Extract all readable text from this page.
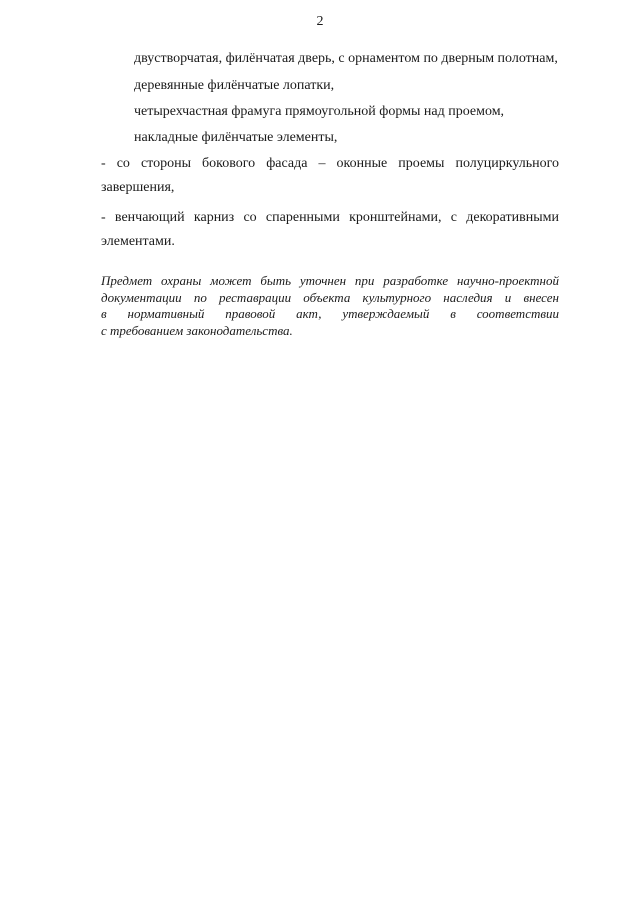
2
двустворчатая, филёнчатая дверь, с орнаментом по дверным полотнам,
деревянные филёнчатые лопатки,
четырехчастная фрамуга прямоугольной формы над проемом,
накладные филёнчатые элементы,
- со стороны бокового фасада – оконные проемы полуциркульного завершения,
- венчающий карниз со спаренными кронштейнами, с декоративными элементами.
Предмет охраны может быть уточнен при разработке научно-проектной
документации по реставрации объекта культурного наследия и внесен
в нормативный правовой акт, утверждаемый в соответствии
с требованием законодательства.
